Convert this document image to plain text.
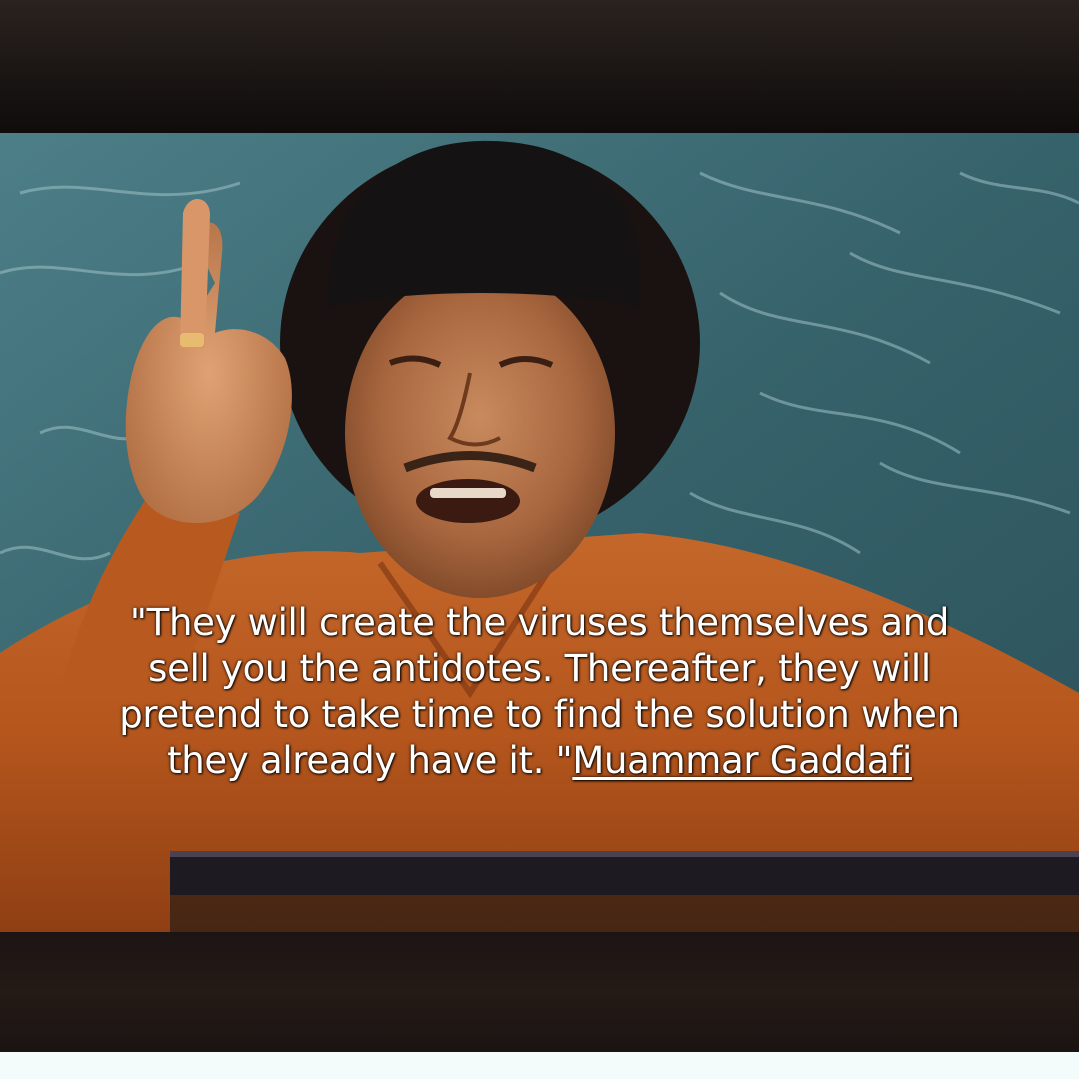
"They will create the viruses themselves and
sell you the antidotes. Thereafter, they will
pretend to take time to find the solution when
they already have it. "Muammar Gaddafi
